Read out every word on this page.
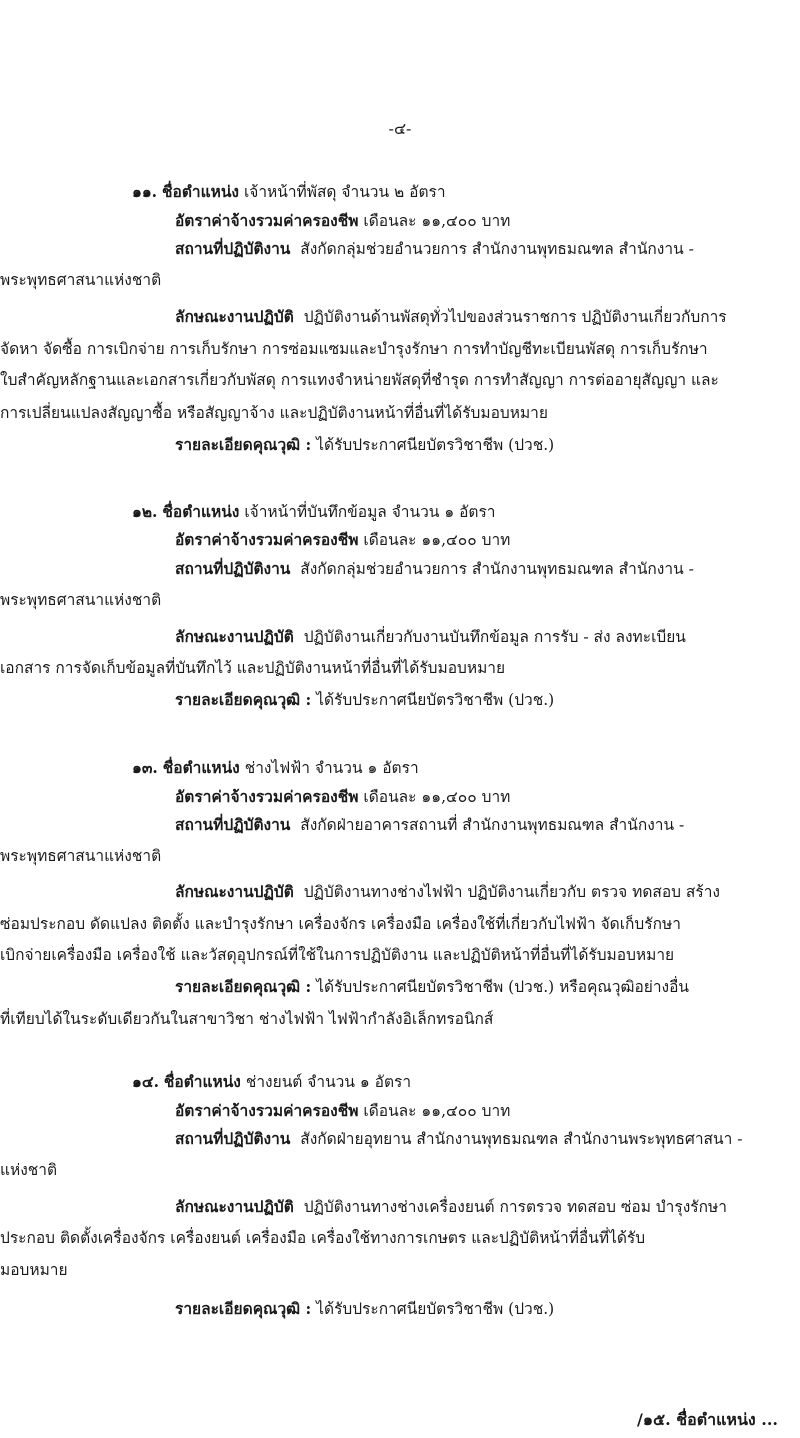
-๔-
๑๑. ชื่อตำแหน่ง เจ้าหน้าที่พัสดุ จำนวน ๒ อัตรา
อัตราค่าจ้างรวมค่าครองชีพ เดือนละ ๑๑,๔๐๐ บาท
สถานที่ปฏิบัติงาน สังกัดกลุ่มช่วยอำนวยการ สำนักงานพุทธมณฑล สำนักงาน -
พระพุทธศาสนาแห่งชาติ
ลักษณะงานปฏิบัติ ปฏิบัติงานด้านพัสดุทั่วไปของส่วนราชการ ปฏิบัติงานเกี่ยวกับการ
จัดหา จัดซื้อ การเบิกจ่าย การเก็บรักษา การซ่อมแซมและบำรุงรักษา การทำบัญชีทะเบียนพัสดุ การเก็บรักษา
ใบสำคัญหลักฐานและเอกสารเกี่ยวกับพัสดุ การแทงจำหน่ายพัสดุที่ชำรุด การทำสัญญา การต่ออายุสัญญา และ
การเปลี่ยนแปลงสัญญาซื้อ หรือสัญญาจ้าง และปฏิบัติงานหน้าที่อื่นที่ได้รับมอบหมาย
รายละเอียดคุณวุฒิ : ได้รับประกาศนียบัตรวิชาชีพ (ปวช.)
๑๒. ชื่อตำแหน่ง เจ้าหน้าที่บันทึกข้อมูล จำนวน ๑ อัตรา
อัตราค่าจ้างรวมค่าครองชีพ เดือนละ ๑๑,๔๐๐ บาท
สถานที่ปฏิบัติงาน สังกัดกลุ่มช่วยอำนวยการ สำนักงานพุทธมณฑล สำนักงาน -
พระพุทธศาสนาแห่งชาติ
ลักษณะงานปฏิบัติ ปฏิบัติงานเกี่ยวกับงานบันทึกข้อมูล การรับ - ส่ง ลงทะเบียน
เอกสาร การจัดเก็บข้อมูลที่บันทึกไว้ และปฏิบัติงานหน้าที่อื่นที่ได้รับมอบหมาย
รายละเอียดคุณวุฒิ : ได้รับประกาศนียบัตรวิชาชีพ (ปวช.)
๑๓. ชื่อตำแหน่ง ช่างไฟฟ้า จำนวน ๑ อัตรา
อัตราค่าจ้างรวมค่าครองชีพ เดือนละ ๑๑,๔๐๐ บาท
สถานที่ปฏิบัติงาน สังกัดฝ่ายอาคารสถานที่ สำนักงานพุทธมณฑล สำนักงาน -
พระพุทธศาสนาแห่งชาติ
ลักษณะงานปฏิบัติ ปฏิบัติงานทางช่างไฟฟ้า ปฏิบัติงานเกี่ยวกับ ตรวจ ทดสอบ สร้าง
ซ่อมประกอบ ดัดแปลง ติดตั้ง และบำรุงรักษา เครื่องจักร เครื่องมือ เครื่องใช้ที่เกี่ยวกับไฟฟ้า จัดเก็บรักษา
เบิกจ่ายเครื่องมือ เครื่องใช้ และวัสดุอุปกรณ์ที่ใช้ในการปฏิบัติงาน และปฏิบัติหน้าที่อื่นที่ได้รับมอบหมาย
รายละเอียดคุณวุฒิ : ได้รับประกาศนียบัตรวิชาชีพ (ปวช.) หรือคุณวุฒิอย่างอื่น
ที่เทียบได้ในระดับเดียวกันในสาขาวิชา ช่างไฟฟ้า ไฟฟ้ากำลังอิเล็กทรอนิกส์
๑๔. ชื่อตำแหน่ง ช่างยนต์ จำนวน ๑ อัตรา
อัตราค่าจ้างรวมค่าครองชีพ เดือนละ ๑๑,๔๐๐ บาท
สถานที่ปฏิบัติงาน สังกัดฝ่ายอุทยาน สำนักงานพุทธมณฑล สำนักงานพระพุทธศาสนา -
แห่งชาติ
ลักษณะงานปฏิบัติ ปฏิบัติงานทางช่างเครื่องยนต์ การตรวจ ทดสอบ ซ่อม บำรุงรักษา
ประกอบ ติดตั้งเครื่องจักร เครื่องยนต์ เครื่องมือ เครื่องใช้ทางการเกษตร และปฏิบัติหน้าที่อื่นที่ได้รับ
มอบหมาย
รายละเอียดคุณวุฒิ : ได้รับประกาศนียบัตรวิชาชีพ (ปวช.)
/๑๕. ชื่อตำแหน่ง ...
